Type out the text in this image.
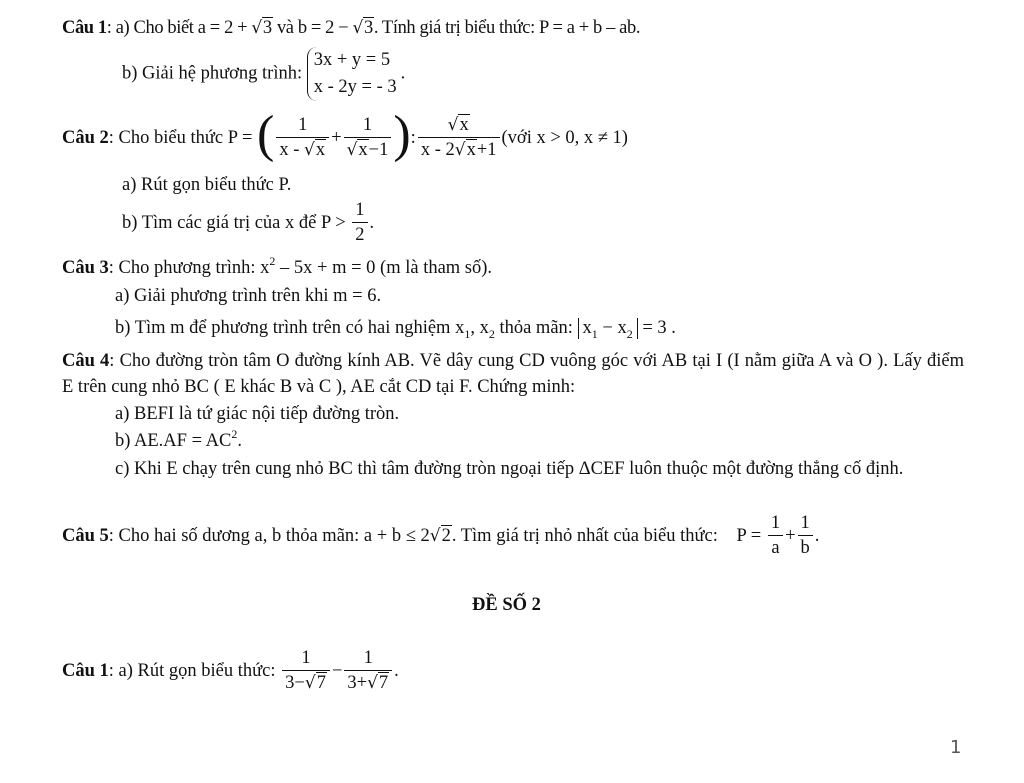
Câu 1: a) Cho biết a = 2 + √3 và b = 2 − √3. Tính giá trị biểu thức: P = a + b – ab.
b) Giải hệ phương trình:
3x + y = 5
x - 2y = - 3
.
Câu 2: Cho biểu thức P = ( $\frac{1}{x - √x} + \frac{1}{√x-1}$ ): $\frac{√x}{x - 2√x+1}$ (với x > 0, x ≠ 1)
a) Rút gọn biểu thức P.
b) Tìm các giá trị của x để $P > \frac{1}{2}$ .
Câu 3: Cho phương trình: $x^2 - 5x + m = 0$ (m là tham số).
a) Giải phương trình trên khi m = 6.
b) Tìm m để phương trình trên có hai nghiệm $x_1$, $x_2$ thỏa mãn: $x_1 - x_2 = 3$ .
Câu 4: Cho đường tròn tâm O đường kính AB. Vẽ dây cung CD vuông góc với AB tại I (I nằm giữa A và O ). Lấy điểm E trên cung nhỏ BC ( E khác B và C ), AE cắt CD tại F. Chứng minh:
a) BEFI là tứ giác nội tiếp đường tròn.
b) $AE.AF = AC^2$.
c) Khi E chạy trên cung nhỏ BC thì tâm đường tròn ngoại tiếp ΔCEF luôn thuộc một đường thẳng cố định.
Câu 5: Cho hai số dương a, b thỏa mãn: a + b ≤ 2√2. Tìm giá trị nhỏ nhất của biểu thức: $P = \frac{1}{a} + \frac{1}{b}$ .
ĐỀ SỐ 2
Câu 1: a) Rút gọn biểu thức: $\frac{1}{3-√7} - \frac{1}{3+√7}$ .
1
